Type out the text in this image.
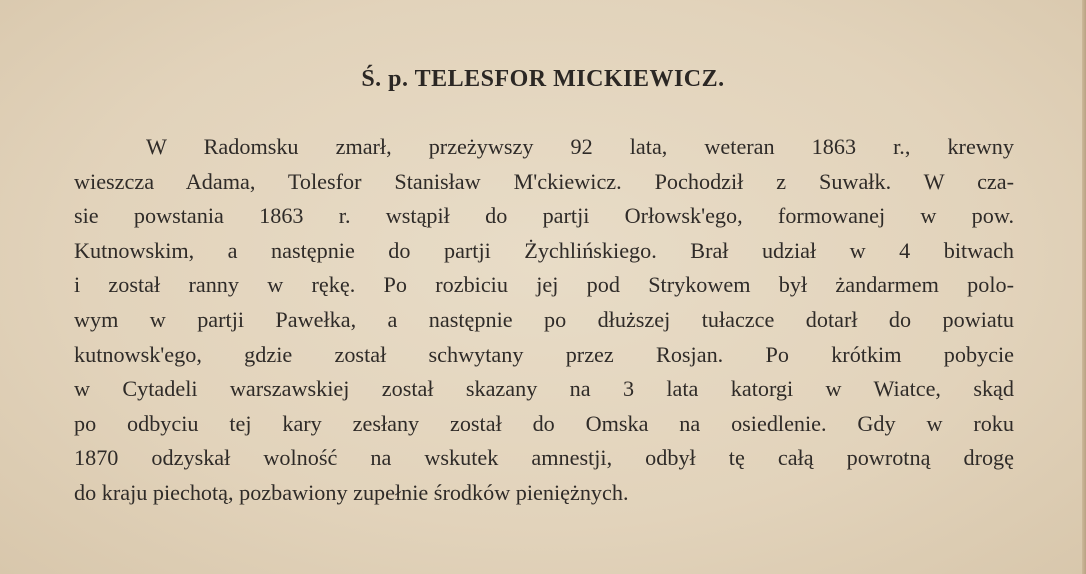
Ś. p. TELESFOR MICKIEWICZ.
W Radomsku zmarł, przeżywszy 92 lata, weteran 1863 r., krewny
wieszcza Adama, Tolesfor Stanisław M'ckiewicz. Pochodził z Suwałk. W cza-
sie powstania 1863 r. wstąpił do partji Orłowsk'ego, formowanej w pow.
Kutnowskim, a następnie do partji Żychlińskiego. Brał udział w 4 bitwach
i został ranny w rękę. Po rozbiciu jej pod Strykowem był żandarmem polo-
wym w partji Pawełka, a następnie po dłuższej tułaczce dotarł do powiatu
kutnowsk'ego, gdzie został schwytany przez Rosjan. Po krótkim pobycie
w Cytadeli warszawskiej został skazany na 3 lata katorgi w Wiatce, skąd
po odbyciu tej kary zesłany został do Omska na osiedlenie. Gdy w roku
1870 odzyskał wolność na wskutek amnestji, odbył tę całą powrotną drogę
do kraju piechotą, pozbawiony zupełnie środków pieniężnych.
